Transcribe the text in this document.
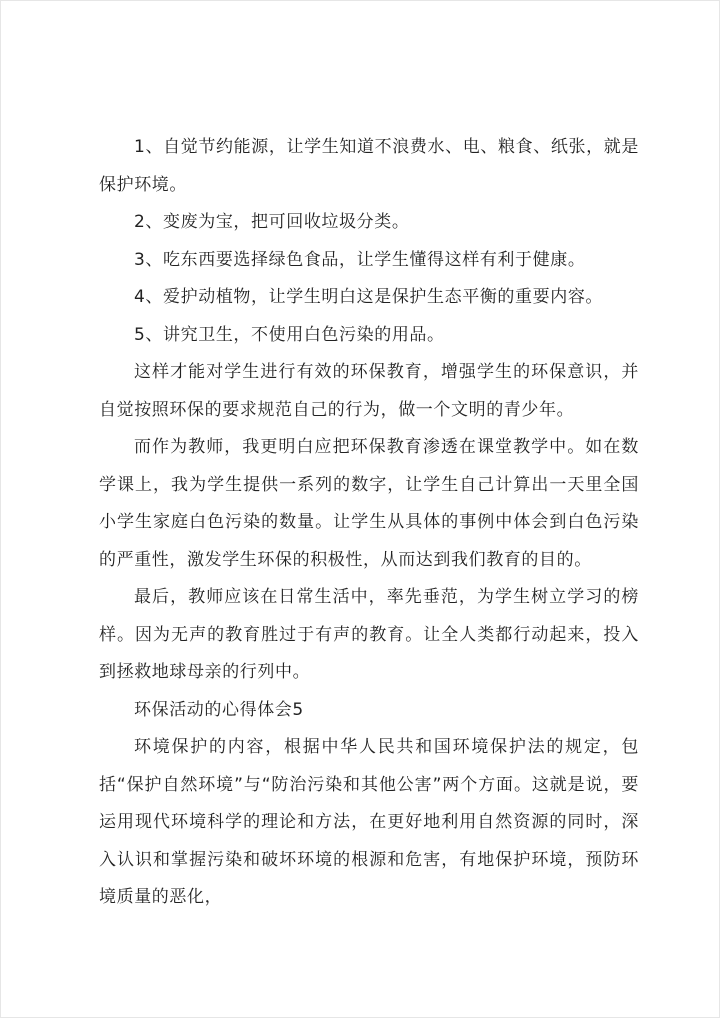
1、自觉节约能源，让学生知道不浪费水、电、粮食、纸张，就是保护环境。

2、变废为宝，把可回收垃圾分类。

3、吃东西要选择绿色食品，让学生懂得这样有利于健康。

4、爱护动植物，让学生明白这是保护生态平衡的重要内容。

5、讲究卫生，不使用白色污染的用品。

这样才能对学生进行有效的环保教育，增强学生的环保意识，并自觉按照环保的要求规范自己的行为，做一个文明的青少年。

而作为教师，我更明白应把环保教育渗透在课堂教学中。如在数学课上，我为学生提供一系列的数字，让学生自己计算出一天里全国小学生家庭白色污染的数量。让学生从具体的事例中体会到白色污染的严重性，激发学生环保的积极性，从而达到我们教育的目的。

最后，教师应该在日常生活中，率先垂范，为学生树立学习的榜样。因为无声的教育胜过于有声的教育。让全人类都行动起来，投入到拯救地球母亲的行列中。

环保活动的心得体会5

环境保护的内容，根据中华人民共和国环境保护法的规定，包括“保护自然环境”与“防治污染和其他公害”两个方面。这就是说，要运用现代环境科学的理论和方法，在更好地利用自然资源的同时，深入认识和掌握污染和破坏环境的根源和危害，有地保护环境，预防环境质量的恶化，
